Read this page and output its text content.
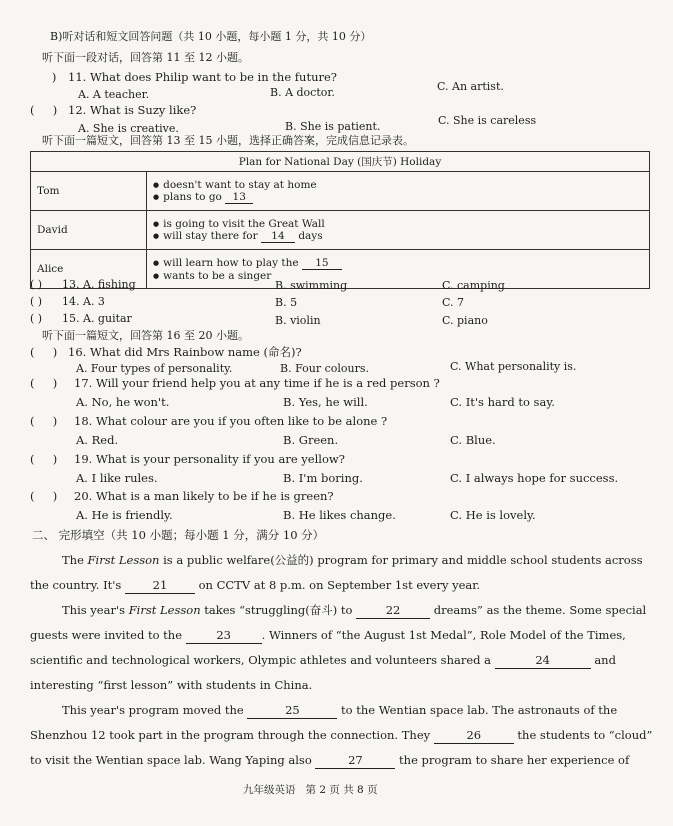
B)听对话和短文回答问题（共 10 小题，每小题 1 分，共 10 分）
听下面一段对话，回答第 11 至 12 小题。
) 11. What does Philip want to be in the future?
A. A teacher.	B. A doctor.	C. An artist.
(     ) 12. What is Suzy like?
A. She is creative.	B. She is patient.	C. She is careless
听下面一篇短文，回答第 13 至 15 小题，选择正确答案，完成信息记录表。
Plan for National Day (国庆节) Holiday	
Tom	● doesn't want to stay at home
● plans to go 13

David	● is going to visit the Great Wall
● will stay there for 14 days

Alice	● will learn how to play the 15
● wants to be a singer
( ) 13. A. fishing	B. swimming	C. camping
( ) 14. A. 3	B. 5	C. 7
( ) 15. A. guitar	B. violin	C. piano
听下面一篇短文，回答第 16 至 20 小题。
(     ) 16. What did Mrs Rainbow name (命名)?
A. Four types of personality.	B. Four colours.	C. What personality is.
(     ) 17. Will your friend help you at any time if he is a red person ?
A. No, he won't.	B. Yes, he will.	C. It's hard to say.
(     ) 18. What colour are you if you often like to be alone ?
A. Red.	B. Green.	C. Blue.
(     ) 19. What is your personality if you are yellow?
A. I like rules.	B. I'm boring.	C. I always hope for success.
(     ) 20. What is a man likely to be if he is green?
A. He is friendly.	B. He likes change.	C. He is lovely.
二、 完形填空（共 10 小题；每小题 1 分，满分 10 分）
The First Lesson is a public welfare(公益的) program for primary and middle school students across
the country. It's 21 on CCTV at 8 p.m. on September 1st every year.
This year's First Lesson takes “struggling(奋斗) to	22	dreams” as the theme. Some special
guests were invited to the	23	. Winners of “the August 1st Medal”, Role Model of the Times,
scientific and technological workers, Olympic athletes and volunteers shared a	24	and
interesting “first lesson” with students in China.
This year's program moved the	25	to the Wentian space lab. The astronauts of the
Shenzhou 12 took part in the program through the connection. They	26	the students to “cloud”
to visit the Wentian space lab. Wang Yaping also	27	the program to share her experience of
九年级英语 第 2 页 共 8 页
